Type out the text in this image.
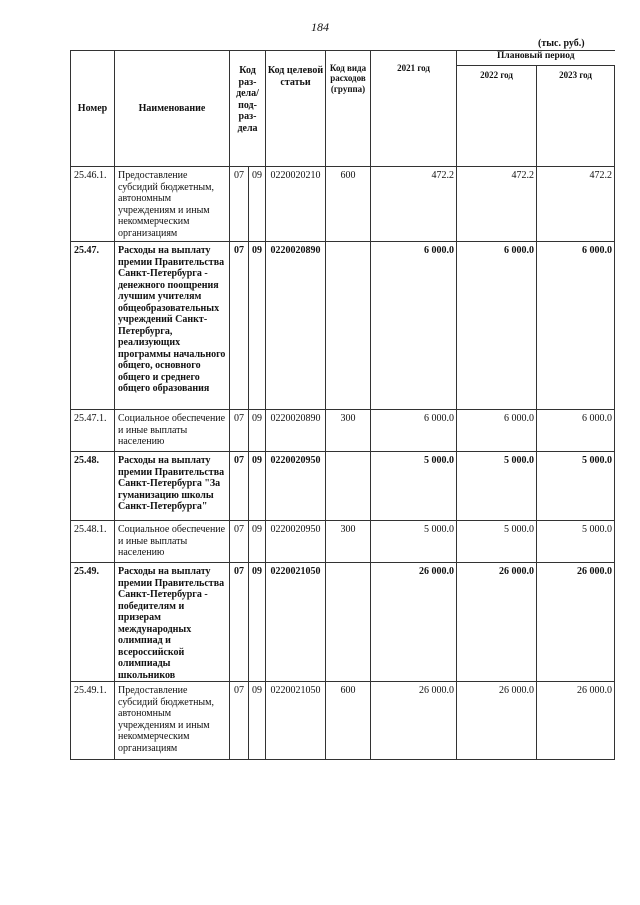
184
(тыс. руб.)
Номер	Наименование	Код раз- дела/ под- раз- дела		Код целевой статьи	Код вида расходов (группа)	2021 год	Плановый период	
							2022 год	2023 год
25.46.1.	Предоставление субсидий бюджетным, автономным учреждениям и иным некоммерческим организациям	07	09	0220020210	600	472.2	472.2	472.2
25.47.	Расходы на выплату премии Правительства Санкт-Петербурга - денежного поощрения лучшим учителям общеобразовательных учреждений Санкт-Петербурга, реализующих программы начального общего, основного общего и среднего общего образования	07	09	0220020890		6 000.0	6 000.0	6 000.0
25.47.1.	Социальное обеспечение и иные выплаты населению	07	09	0220020890	300	6 000.0	6 000.0	6 000.0
25.48.	Расходы на выплату премии Правительства Санкт-Петербурга "За гуманизацию школы Санкт-Петербурга"	07	09	0220020950		5 000.0	5 000.0	5 000.0
25.48.1.	Социальное обеспечение и иные выплаты населению	07	09	0220020950	300	5 000.0	5 000.0	5 000.0
25.49.	Расходы на выплату премии Правительства Санкт-Петербурга - победителям и призерам международных олимпиад и всероссийской олимпиады школьников	07	09	0220021050		26 000.0	26 000.0	26 000.0
25.49.1.	Предоставление субсидий бюджетным, автономным учреждениям и иным некоммерческим организациям	07	09	0220021050	600	26 000.0	26 000.0	26 000.0
